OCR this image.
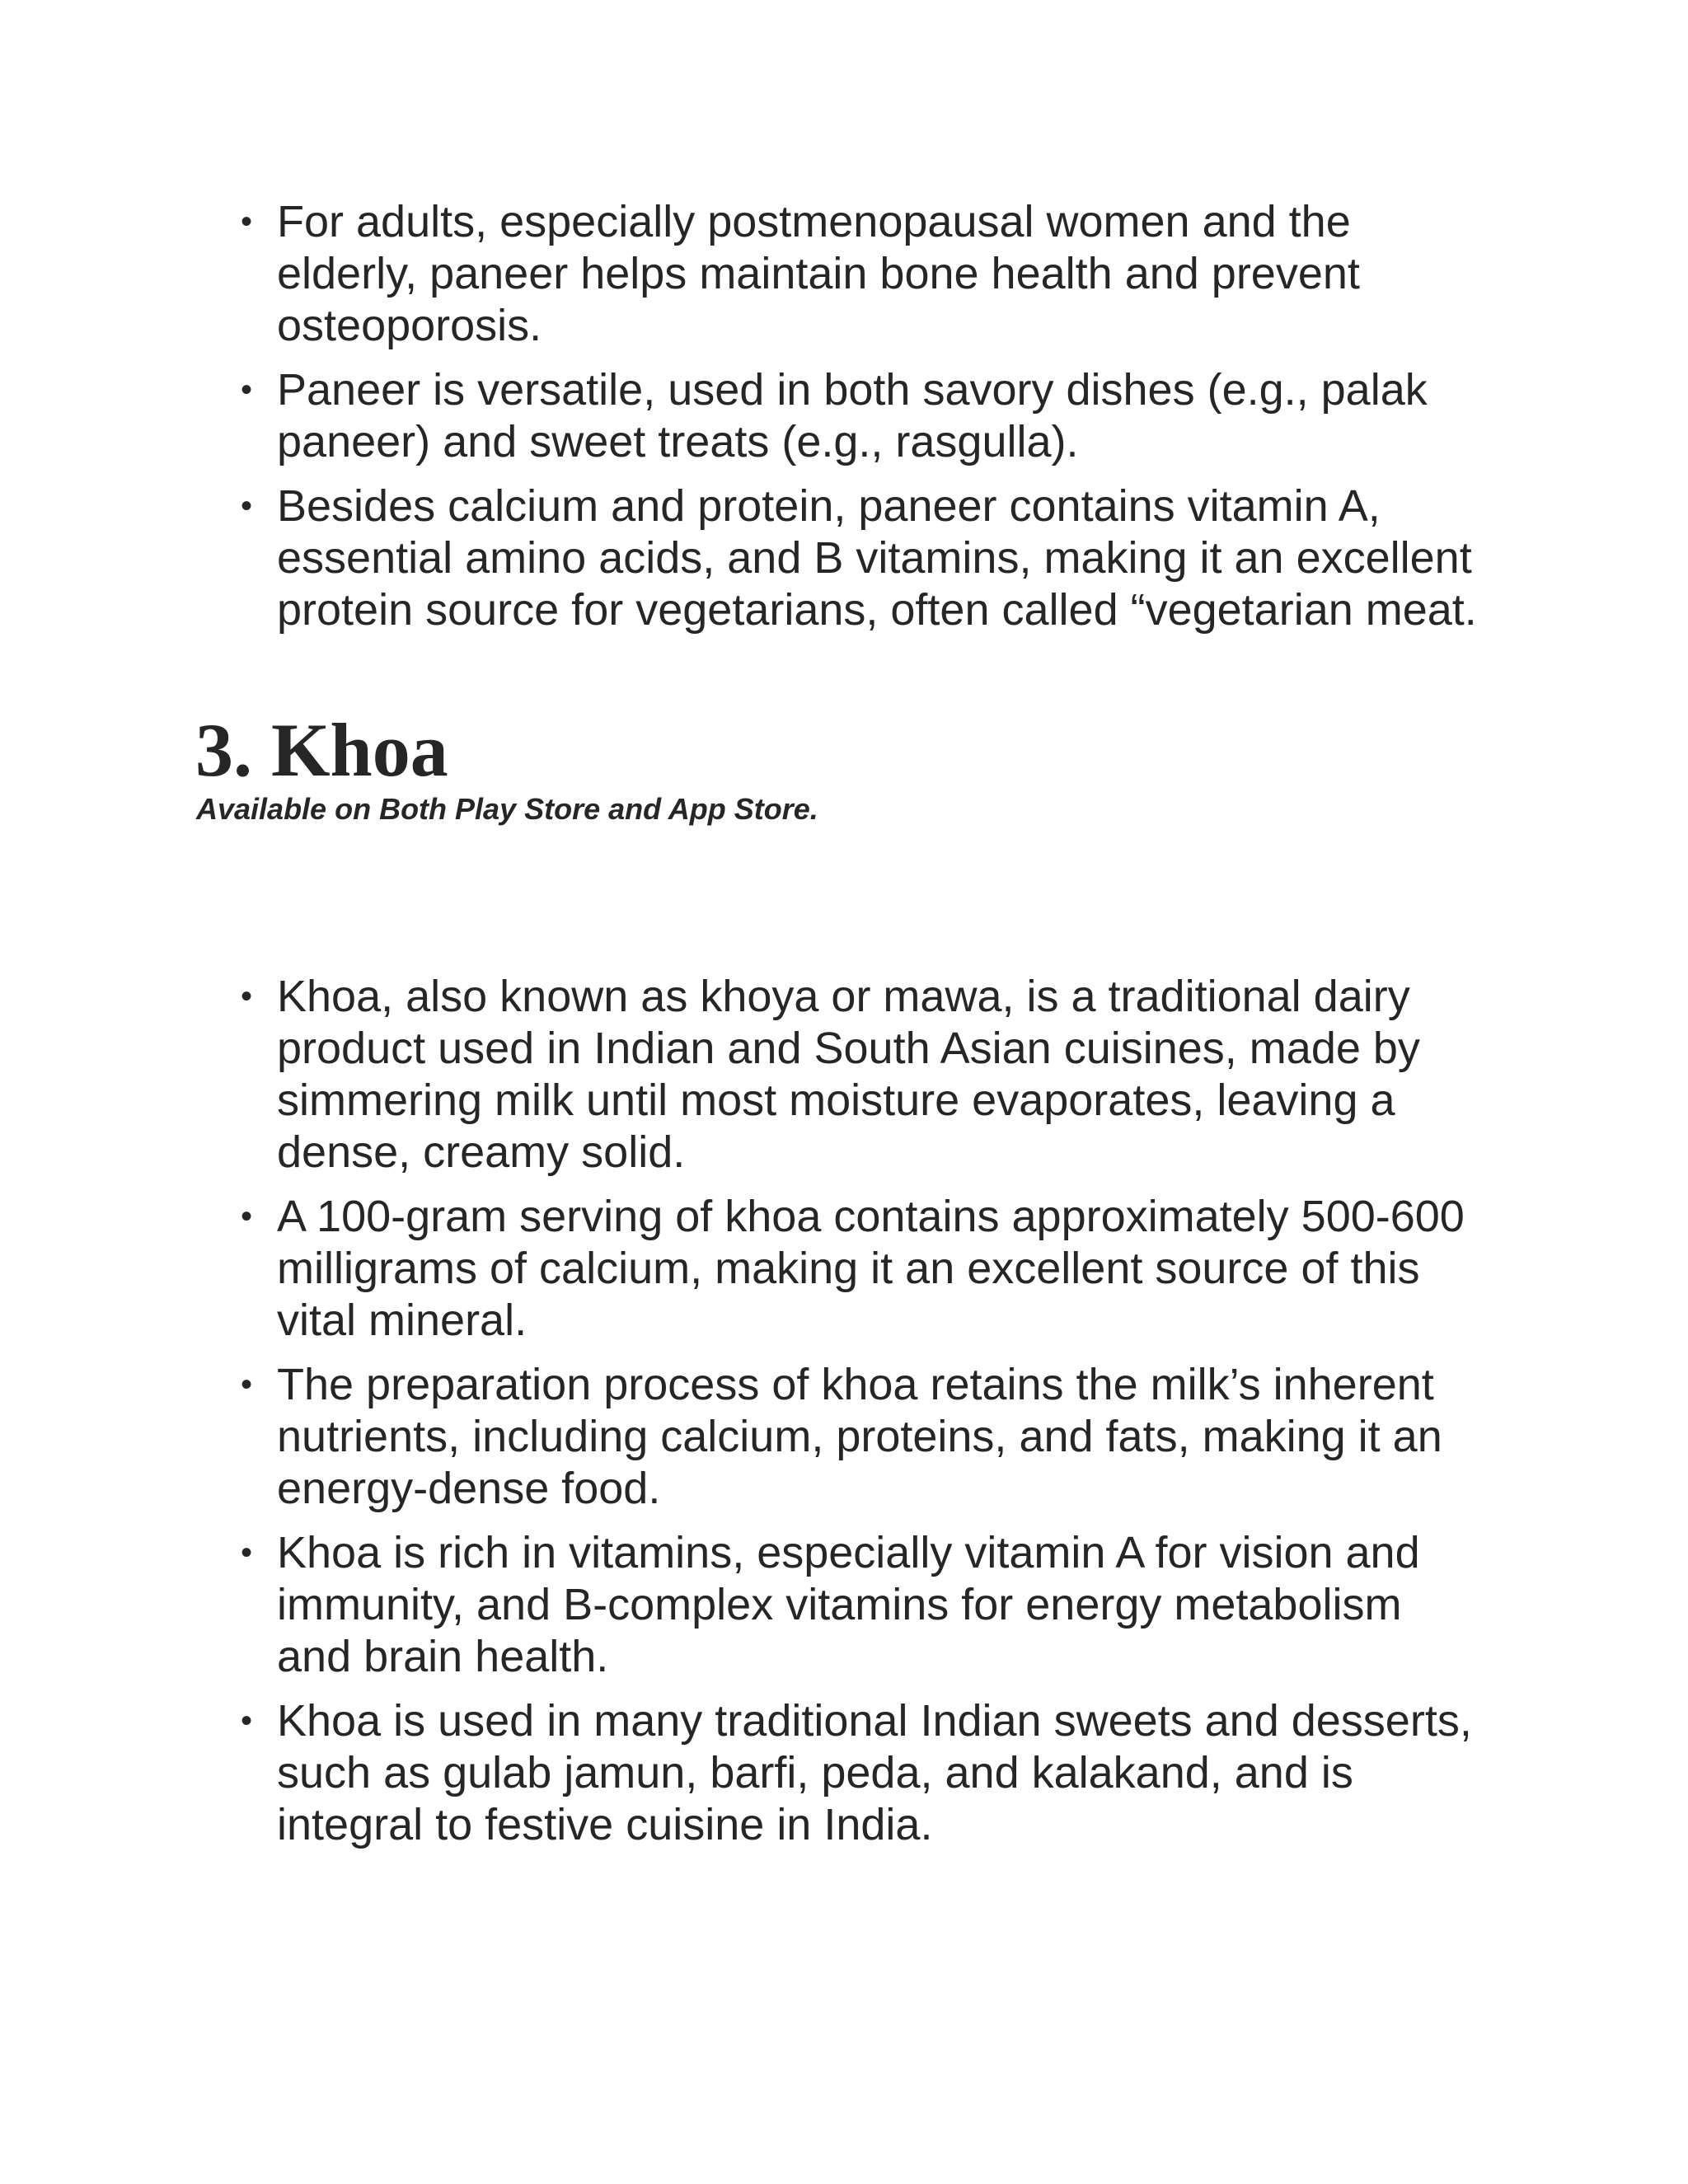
• For adults, especially postmenopausal women and the elderly, paneer helps maintain bone health and prevent osteoporosis.
• Paneer is versatile, used in both savory dishes (e.g., palak paneer) and sweet treats (e.g., rasgulla).
• Besides calcium and protein, paneer contains vitamin A, essential amino acids, and B vitamins, making it an excellent protein source for vegetarians, often called “vegetarian meat.
3. Khoa

Available on Both Play Store and App Store.

• Khoa, also known as khoya or mawa, is a traditional dairy product used in Indian and South Asian cuisines, made by simmering milk until most moisture evaporates, leaving a dense, creamy solid.
• A 100-gram serving of khoa contains approximately 500-600 milligrams of calcium, making it an excellent source of this vital mineral.
• The preparation process of khoa retains the milk’s inherent nutrients, including calcium, proteins, and fats, making it an energy-dense food.
• Khoa is rich in vitamins, especially vitamin A for vision and immunity, and B-complex vitamins for energy metabolism and brain health.
• Khoa is used in many traditional Indian sweets and desserts, such as gulab jamun, barfi, peda, and kalakand, and is integral to festive cuisine in India.
